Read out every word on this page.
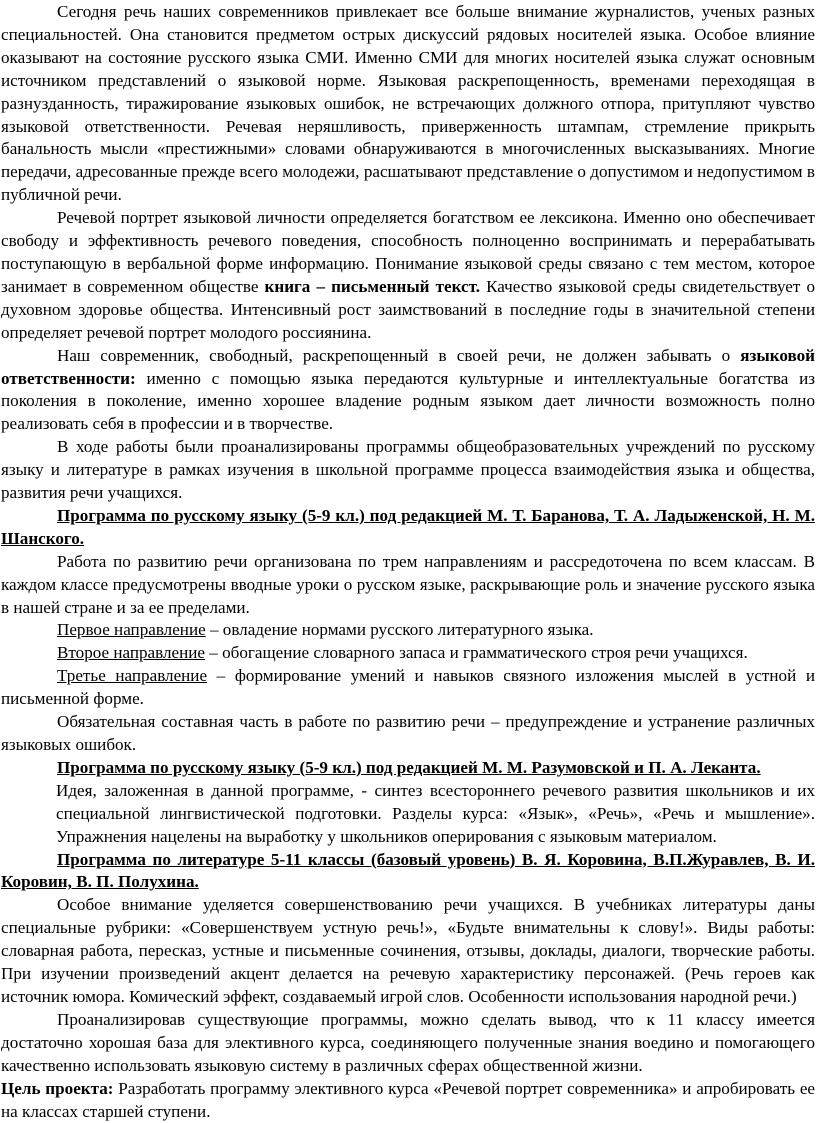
Сегодня речь наших современников привлекает все больше внимание журналистов, ученых разных специальностей. Она становится предметом острых дискуссий рядовых носителей языка. Особое влияние оказывают на состояние русского языка СМИ. Именно СМИ для многих носителей языка служат основным источником представлений о языковой норме. Языковая раскрепощенность, временами переходящая в разнузданность, тиражирование языковых ошибок, не встречающих должного отпора, притупляют чувство языковой ответственности. Речевая неряшливость, приверженность штампам, стремление прикрыть банальность мысли «престижными» словами обнаруживаются в многочисленных высказываниях. Многие передачи, адресованные прежде всего молодежи, расшатывают представление о допустимом и недопустимом в публичной речи.

Речевой портрет языковой личности определяется богатством ее лексикона. Именно оно обеспечивает свободу и эффективность речевого поведения, способность полноценно воспринимать и перерабатывать поступающую в вербальной форме информацию. Понимание языковой среды связано с тем местом, которое занимает в современном обществе книга – письменный текст. Качество языковой среды свидетельствует о духовном здоровье общества. Интенсивный рост заимствований в последние годы в значительной степени определяет речевой портрет молодого россиянина.

Наш современник, свободный, раскрепощенный в своей речи, не должен забывать о языковой ответственности: именно с помощью языка передаются культурные и интеллектуальные богатства из поколения в поколение, именно хорошее владение родным языком дает личности возможность полно реализовать себя в профессии и в творчестве.

В ходе работы были проанализированы программы общеобразовательных учреждений по русскому языку и литературе в рамках изучения в школьной программе процесса взаимодействия языка и общества, развития речи учащихся.

Программа по русскому языку (5-9 кл.) под редакцией М. Т. Баранова, Т. А. Ладыженской, Н. М. Шанского.

Работа по развитию речи организована по трем направлениям и рассредоточена по всем классам. В каждом классе предусмотрены вводные уроки о русском языке, раскрывающие роль и значение русского языка в нашей стране и за ее пределами.

Первое направление – овладение нормами русского литературного языка.

Второе направление – обогащение словарного запаса и грамматического строя речи учащихся.

Третье направление – формирование умений и навыков связного изложения мыслей в устной и письменной форме.

Обязательная составная часть в работе по развитию речи – предупреждение и устранение различных языковых ошибок.

Программа по русскому языку (5-9 кл.) под редакцией М. М. Разумовской и П. А. Леканта.

Идея, заложенная в данной программе, - синтез всестороннего речевого развития школьников и их специальной лингвистической подготовки. Разделы курса: «Язык», «Речь», «Речь и мышление». Упражнения нацелены на выработку у школьников оперирования с языковым материалом.

Программа по литературе 5-11 классы (базовый уровень) В. Я. Коровина, В.П.Журавлев, В. И. Коровин, В. П. Полухина.

Особое внимание уделяется совершенствованию речи учащихся. В учебниках литературы даны специальные рубрики: «Совершенствуем устную речь!», «Будьте внимательны к слову!». Виды работы: словарная работа, пересказ, устные и письменные сочинения, отзывы, доклады, диалоги, творческие работы. При изучении произведений акцент делается на речевую характеристику персонажей. (Речь героев как источник юмора. Комический эффект, создаваемый игрой слов. Особенности использования народной речи.)

Проанализировав существующие программы, можно сделать вывод, что к 11 классу имеется достаточно хорошая база для элективного курса, соединяющего полученные знания воедино и помогающего качественно использовать языковую систему в различных сферах общественной жизни.

Цель проекта: Разработать программу элективного курса «Речевой портрет современника» и апробировать ее на классах старшей ступени.
